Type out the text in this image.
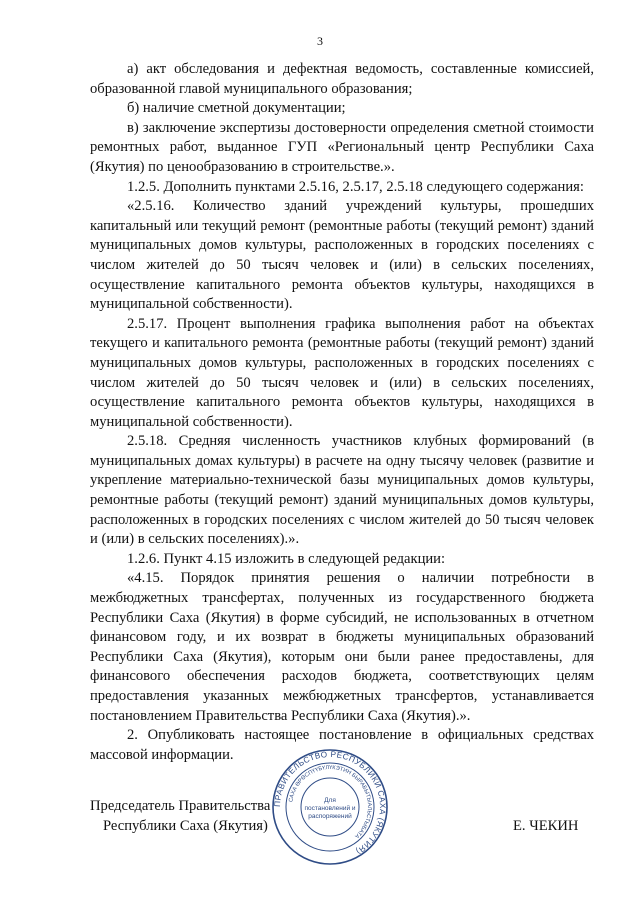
3

а) акт обследования и дефектная ведомость, составленные комиссией, образованной главой муниципального образования;

б) наличие сметной документации;

в) заключение экспертизы достоверности определения сметной стоимости ремонтных работ, выданное ГУП «Региональный центр Республики Саха (Якутия) по ценообразованию в строительстве.».

1.2.5. Дополнить пунктами 2.5.16, 2.5.17, 2.5.18 следующего содержания:

«2.5.16. Количество зданий учреждений культуры, прошедших капитальный или текущий ремонт (ремонтные работы (текущий ремонт) зданий муниципальных домов культуры, расположенных в городских поселениях с числом жителей до 50 тысяч человек и (или) в сельских поселениях, осуществление капитального ремонта объектов культуры, находящихся в муниципальной собственности).

2.5.17. Процент выполнения графика выполнения работ на объектах текущего и капитального ремонта (ремонтные работы (текущий ремонт) зданий муниципальных домов культуры, расположенных в городских поселениях с числом жителей до 50 тысяч человек и (или) в сельских поселениях, осуществление капитального ремонта объектов культуры, находящихся в муниципальной собственности).

2.5.18. Средняя численность участников клубных формирований (в муниципальных домах культуры) в расчете на одну тысячу человек (развитие и укрепление материально-технической базы муниципальных домов культуры, ремонтные работы (текущий ремонт) зданий муниципальных домов культуры, расположенных в городских поселениях с числом жителей до 50 тысяч человек и (или) в сельских поселениях).».

1.2.6. Пункт 4.15 изложить в следующей редакции:

«4.15. Порядок принятия решения о наличии потребности в межбюджетных трансфертах, полученных из государственного бюджета Республики Саха (Якутия) в форме субсидий, не использованных в отчетном финансовом году, и их возврат в бюджеты муниципальных образований Республики Саха (Якутия), которым они были ранее предоставлены, для финансового обеспечения расходов бюджета, соответствующих целям предоставления указанных межбюджетных трансфертов, устанавливается постановлением Правительства Республики Саха (Якутия).».

2. Опубликовать настоящее постановление в официальных средствах массовой информации.

Председатель Правительства
Республики Саха (Якутия)	Е. ЧЕКИН
ПРАВИТЕЛЬСТВО РЕСПУБЛИКИ САХА (ЯКУТИЯ)
САХА ӨРӨСПҮҮБҮЛҮКЭТИН БЫРАБЫТЫАЛЬСТЫБАТА
Для
постановлений и
распоряжений
